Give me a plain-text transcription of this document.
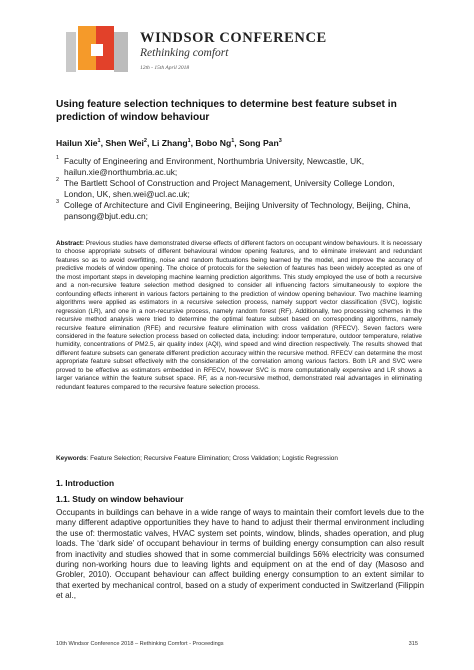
WINDSOR CONFERENCE
Rethinking comfort
12th - 15th April 2018
Using feature selection techniques to determine best feature subset in prediction of window behaviour
Hailun Xie$^1$, Shen Wei$^2$, Li Zhang$^1$, Bobo Ng$^1$, Song Pan$^3$
1 Faculty of Engineering and Environment, Northumbria University, Newcastle, UK, hailun.xie@northumbria.ac.uk;
2 The Bartlett School of Construction and Project Management, University College London, London, UK, shen.wei@ucl.ac.uk;
3 College of Architecture and Civil Engineering, Beijing University of Technology, Beijing, China, pansong@bjut.edu.cn;
Abstract: Previous studies have demonstrated diverse effects of different factors on occupant window behaviours. It is necessary to choose appropriate subsets of different behavioural window opening features, and to eliminate irrelevant and redundant features so as to avoid overfitting, noise and random fluctuations being learned by the model, and improve the accuracy of predictive models of window opening. The choice of protocols for the selection of features has been widely accepted as one of the most important steps in developing machine learning prediction algorithms. This study employed the use of both a recursive and a non-recursive feature selection method designed to consider all influencing factors simultaneously to explore the confounding effects inherent in various factors pertaining to the prediction of window opening behaviour. Two machine learning algorithms were applied as estimators in a recursive selection process, namely support vector classification (SVC), logistic regression (LR), and one in a non-recursive process, namely random forest (RF). Additionally, two processing schemes in the recursive method analysis were tried to determine the optimal feature subset based on corresponding algorithms, namely recursive feature elimination (RFE) and recursive feature elimination with cross validation (RFECV). Seven factors were considered in the feature selection process based on collected data, including: indoor temperature, outdoor temperature, relative humidity, concentrations of PM2.5, air quality index (AQI), wind speed and wind direction respectively. The results showed that different feature subsets can generate different prediction accuracy within the recursive method. RFECV can determine the most appropriate feature subset effectively with the consideration of the correlation among various factors. Both LR and SVC were proved to be effective as estimators embedded in RFECV, however SVC is more computationally expensive and LR shows a larger variance within the feature subset space. RF, as a non-recursive method, demonstrated real advantages in eliminating redundant features compared to the recursive feature selection process.
Keywords: Feature Selection; Recursive Feature Elimination; Cross Validation; Logistic Regression
1. Introduction
1.1. Study on window behaviour
Occupants in buildings can behave in a wide range of ways to maintain their comfort levels due to the many different adaptive opportunities they have to hand to adjust their thermal environment including the use of: thermostatic valves, HVAC system set points, window, blinds, shades operation, and plug loads. The ‘dark side’ of occupant behaviour in terms of building energy consumption can also result from inactivity and studies showed that in some commercial buildings 56% electricity was consumed during non-working hours due to leaving lights and equipment on at the end of day (Masoso and Grobler, 2010). Occupant behaviour can affect building energy consumption to an extent similar to that exerted by mechanical control, based on a study of experiment conducted in Switzerland (Filippin et al.,
10th Windsor Conference 2018 – Rethinking Comfort - Proceedings	315
